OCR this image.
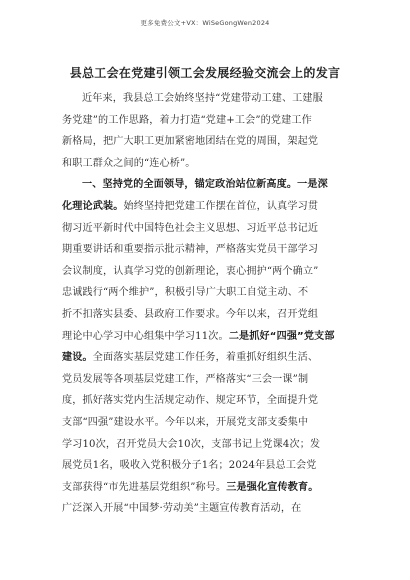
更多免费公文+VX：WiSeGongWen2024
县总工会在党建引领工会发展经验交流会上的发言
近年来，我县总工会始终坚持“党建带动工建、工建服
务党建”的工作思路，着力打造“党建+工会”的党建工作
新格局，把广大职工更加紧密地团结在党的周围，架起党
和职工群众之间的“连心桥”。
一、坚持党的全面领导，锚定政治站位新高度。一是深
化理论武装。始终坚持把党建工作摆在首位，认真学习贯
彻习近平新时代中国特色社会主义思想、习近平总书记近
期重要讲话和重要指示批示精神，严格落实党员干部学习
会议制度，认真学习党的创新理论，衷心拥护“两个确立”
忠诚践行“两个维护”，积极引导广大职工自觉主动、不
折不扣落实县委、县政府工作要求。今年以来，召开党组
理论中心学习中心组集中学习11次。二是抓好“四强”党支部
建设。全面落实基层党建工作任务，着重抓好组织生活、
党员发展等各项基层党建工作，严格落实“三会一课”制
度，抓好落实党内生活规定动作、规定环节，全面提升党
支部“四强”建设水平。今年以来，开展党支部支委集中
学习10次，召开党员大会10次，支部书记上党课4次；发
展党员1名，吸收入党积极分子1名；2024年县总工会党
支部获得“市先进基层党组织”称号。三是强化宣传教育。
广泛深入开展“中国梦·劳动美”主题宣传教育活动，在
